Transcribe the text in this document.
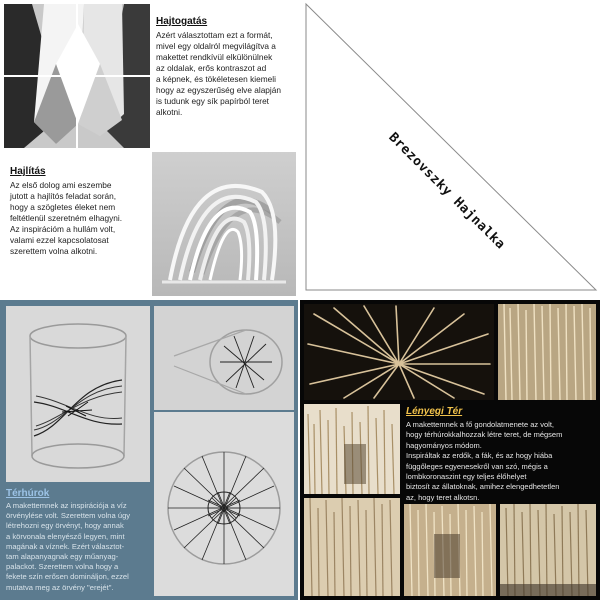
Hajtogatás
Azért választottam ezt a formát,
mivel egy oldalról megvilágítva a
makettet rendkívül elkülönülnek
az oldalak, erős kontraszot ad
a képnek, és tökéletesen kiemeli
hogy az egyszerűség elve alapján
is tudunk egy sík papírból teret
alkotni.
Hajlítás
Az első dolog ami eszembe
jutott a hajlítós feladat során,
hogy a szögletes éleket nem
feltétlenül szeretném elhagyni.
Az inspirációm a hullám volt,
valami ezzel kapcsolatosat
szerettem volna alkotni.	Brezovszky Hajnalka
Térhúrok
A makettemnek az inspirációja a víz
örvénylése volt. Szerettem volna úgy
létrehozni egy örvényt, hogy annak
a körvonala elenyésző legyen, mint
magának a víznek. Ezért választot-
tam alapanyagnak egy műanyag-
palackot. Szerettem volna hogy a
fekete szín erősen domináljon, ezzel
mutatva meg az örvény "erejét".
Lényegi Tér
A makettemnek a fő gondolatmenete az volt,
hogy térhúrokkalhozzak létre teret, de mégsem
hagyományos módom.
Inspiráltak az erdők, a fák, és az hogy hiába
függőleges egyenesekről van szó, mégis a
lombkoronaszint egy teljes élőhelyet
biztosít az állatoknak, amihez elengedhetetlen
az, hogy teret alkotsn.
